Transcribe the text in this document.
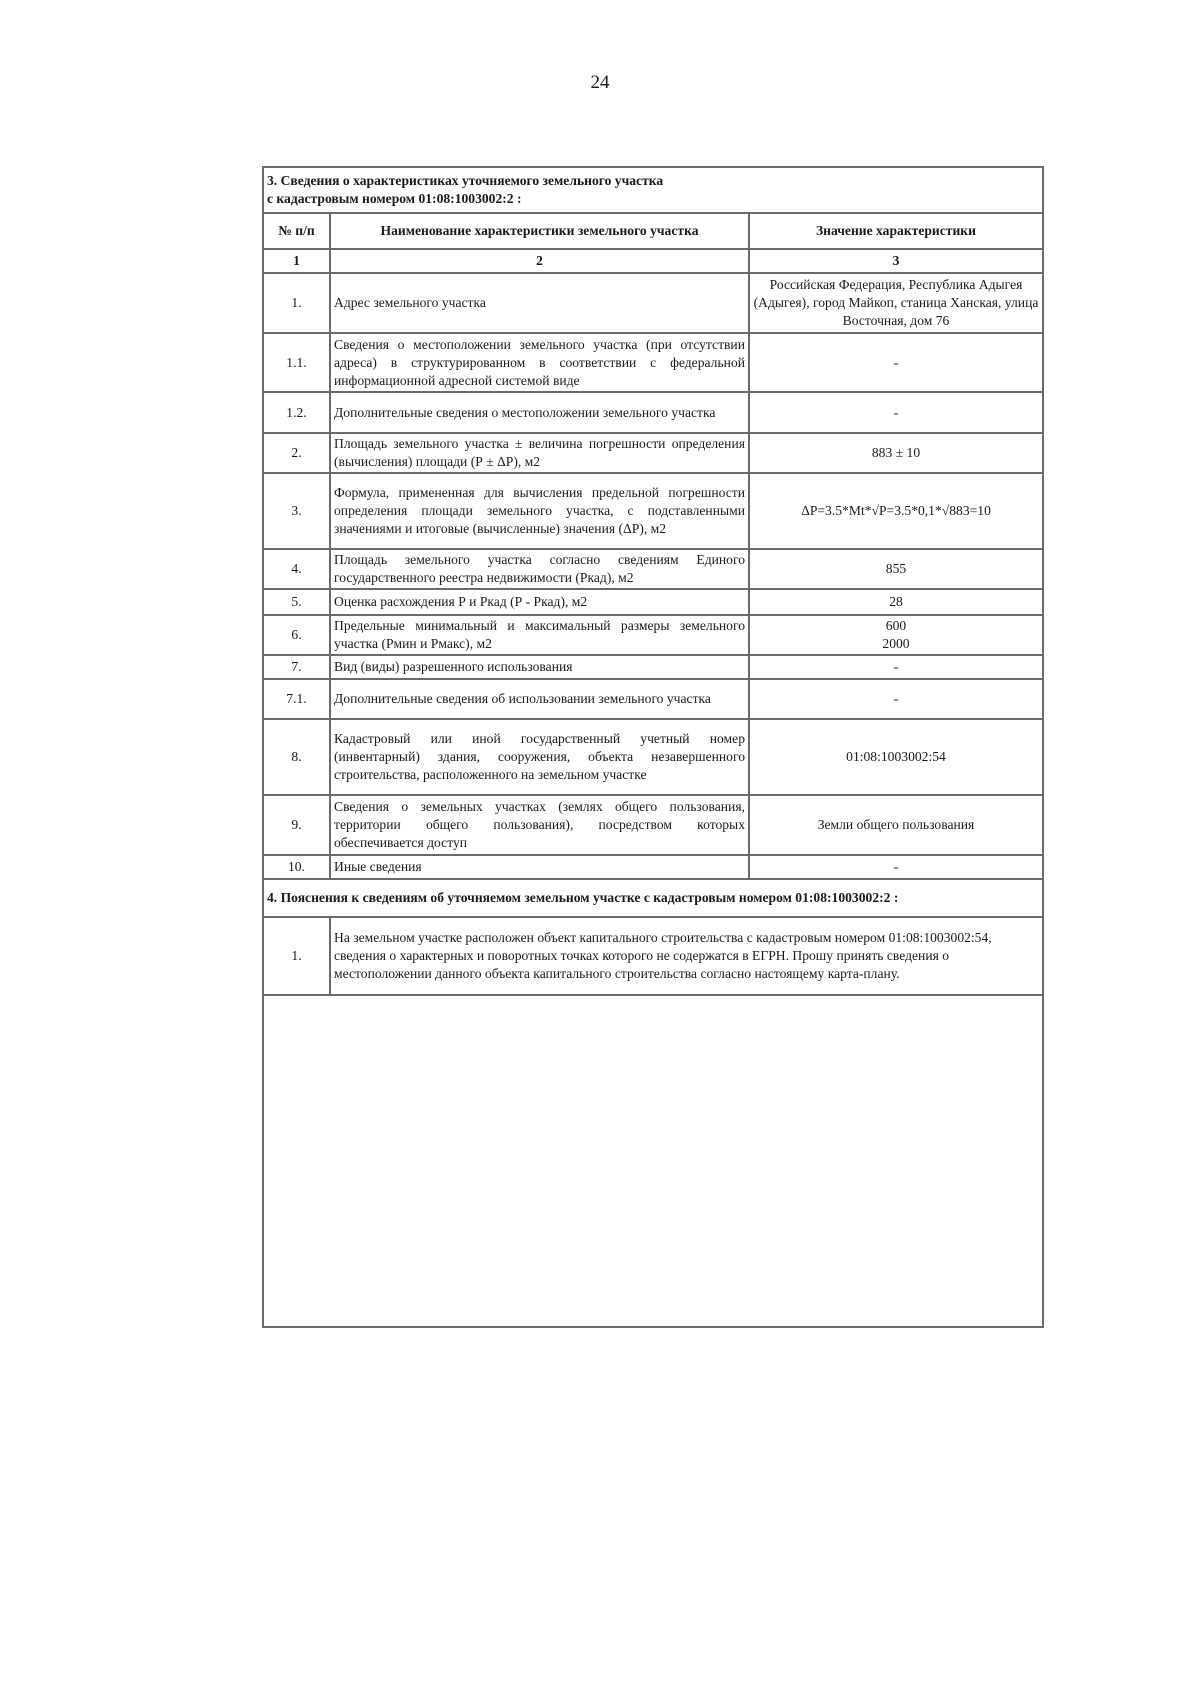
24
3. Сведения о характеристиках уточняемого земельного участка
с кадастровым номером 01:08:1003002:2 :		
№ п/п	Наименование характеристики земельного участка	Значение характеристики
1	2	3
1.	Адрес земельного участка	Российская Федерация, Республика Адыгея (Адыгея), город Майкоп, станица Ханская, улица Восточная, дом 76
1.1.	Сведения о местоположении земельного участка (при отсутствии адреса) в структурированном в соответствии с федеральной информационной адресной системой виде	-
1.2.	Дополнительные сведения о местоположении земельного участка	-
2.	Площадь земельного участка ± величина погрешности определения (вычисления) площади (Р ± ΔР), м2	883 ± 10
3.	Формула, примененная для вычисления предельной погрешности определения площади земельного участка, с подставленными значениями и итоговые (вычисленные) значения (ΔР), м2	ΔР=3.5*Mt*√P=3.5*0,1*√883=10
4.	Площадь земельного участка согласно сведениям Единого государственного реестра недвижимости (Ркад), м2	855
5.	Оценка расхождения Р и Ркад (Р - Ркад), м2	28
6.	Предельные минимальный и максимальный размеры земельного участка (Рмин и Рмакс), м2	600
2000
7.	Вид (виды) разрешенного использования	-
7.1.	Дополнительные сведения об использовании земельного участка	-
8.	Кадастровый или иной государственный учетный номер (инвентарный) здания, сооружения, объекта незавершенного строительства, расположенного на земельном участке	01:08:1003002:54
9.	Сведения о земельных участках (землях общего пользования, территории общего пользования), посредством которых обеспечивается доступ	Земли общего пользования
10.	Иные сведения	-
4. Пояснения к сведениям об уточняемом земельном участке с кадастровым номером 01:08:1003002:2 :		
1.	На земельном участке расположен объект капитального строительства с кадастровым номером 01:08:1003002:54, сведения о характерных и поворотных точках которого не содержатся в ЕГРН. Прошу принять сведения о местоположении данного объекта капитального строительства согласно настоящему карта-плану.	
